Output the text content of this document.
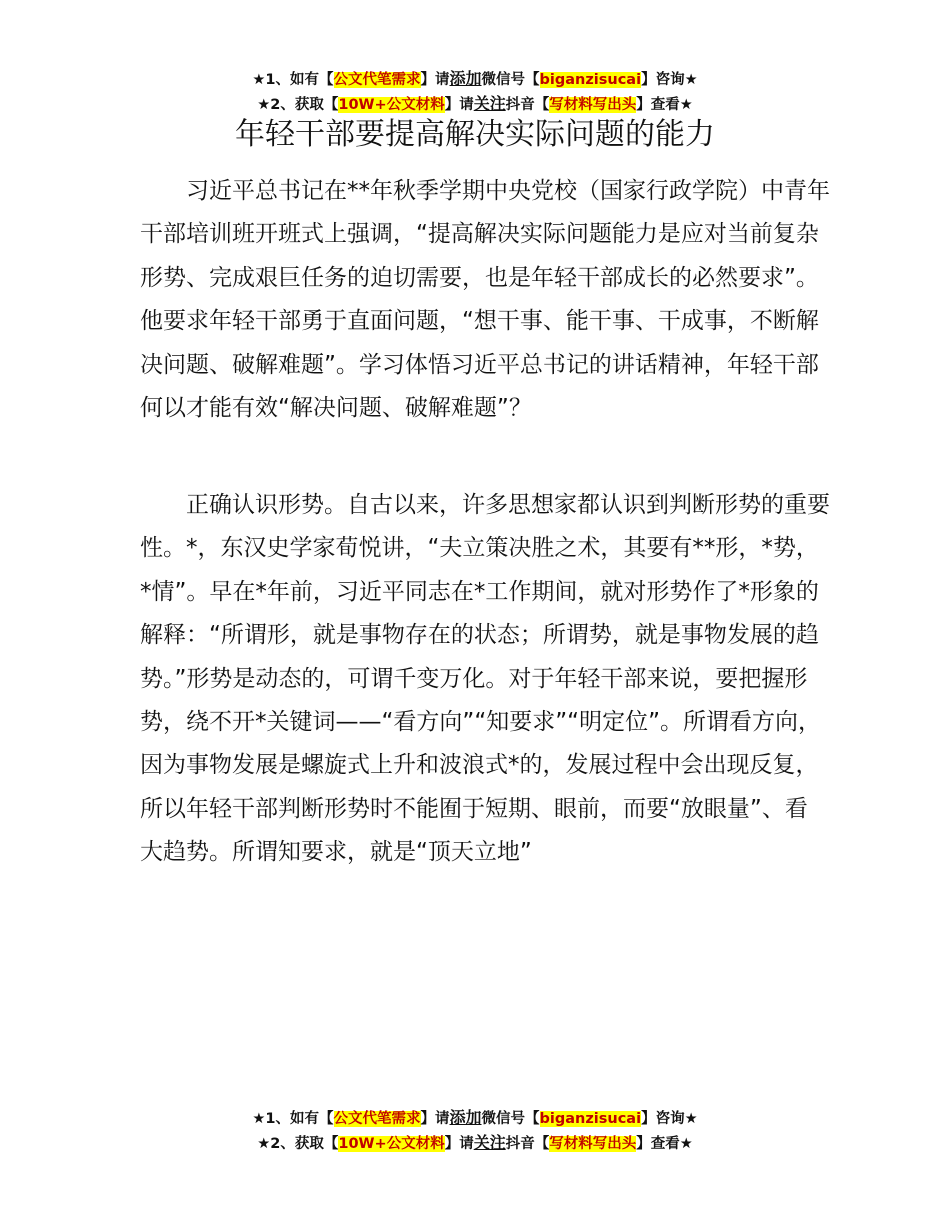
★1、如有【公文代笔需求】请添加微信号【biganzisucai】咨询★
★2、获取【10W+公文材料】请关注抖音【写材料写出头】查看★
年轻干部要提高解决实际问题的能力

习近平总书记在**年秋季学期中央党校（国家行政学院）中青年干部培训班开班式上强调，“提高解决实际问题能力是应对当前复杂形势、完成艰巨任务的迫切需要，也是年轻干部成长的必然要求”。他要求年轻干部勇于直面问题，“想干事、能干事、干成事，不断解决问题、破解难题”。学习体悟习近平总书记的讲话精神，年轻干部何以才能有效“解决问题、破解难题”？

正确认识形势。自古以来，许多思想家都认识到判断形势的重要性。*，东汉史学家荀悦讲，“夫立策决胜之术，其要有**形，*势，*情”。早在*年前，习近平同志在*工作期间，就对形势作了*形象的解释：“所谓形，就是事物存在的状态；所谓势，就是事物发展的趋势。”形势是动态的，可谓千变万化。对于年轻干部来说，要把握形势，绕不开*关键词——“看方向”“知要求”“明定位”。所谓看方向，因为事物发展是螺旋式上升和波浪式*的，发展过程中会出现反复，所以年轻干部判断形势时不能囿于短期、眼前，而要“放眼量”、看大趋势。所谓知要求，就是“顶天立地”

★1、如有【公文代笔需求】请添加微信号【biganzisucai】咨询★
★2、获取【10W+公文材料】请关注抖音【写材料写出头】查看★
